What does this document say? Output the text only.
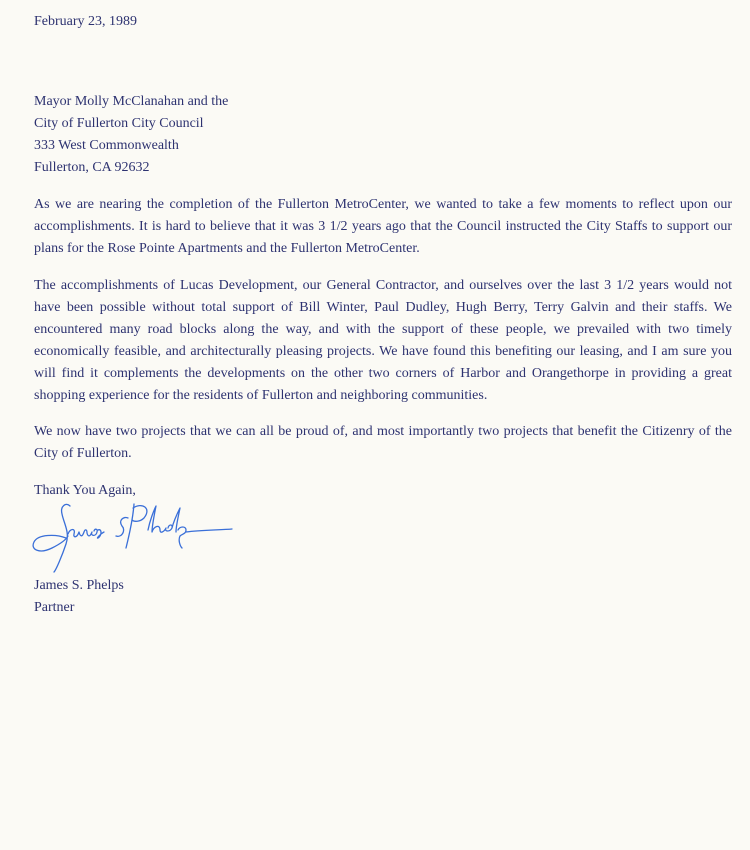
February 23, 1989
Mayor Molly McClanahan and the
City of Fullerton City Council
333 West Commonwealth
Fullerton, CA 92632

As we are nearing the completion of the Fullerton MetroCenter, we wanted to take a few moments to reflect upon our accomplishments. It is hard to believe that it was 3 1/2 years ago that the Council instructed the City Staffs to support our plans for the Rose Pointe Apartments and the Fullerton MetroCenter.

The accomplishments of Lucas Development, our General Contractor, and ourselves over the last 3 1/2 years would not have been possible without total support of Bill Winter, Paul Dudley, Hugh Berry, Terry Galvin and their staffs. We encountered many road blocks along the way, and with the support of these people, we prevailed with two timely economically feasible, and architecturally pleasing projects. We have found this benefiting our leasing, and I am sure you will find it complements the developments on the other two corners of Harbor and Orangethorpe in providing a great shopping experience for the residents of Fullerton and neighboring communities.

We now have two projects that we can all be proud of, and most importantly two projects that benefit the Citizenry of the City of Fullerton.

Thank You Again,
James S. Phelps
Partner
